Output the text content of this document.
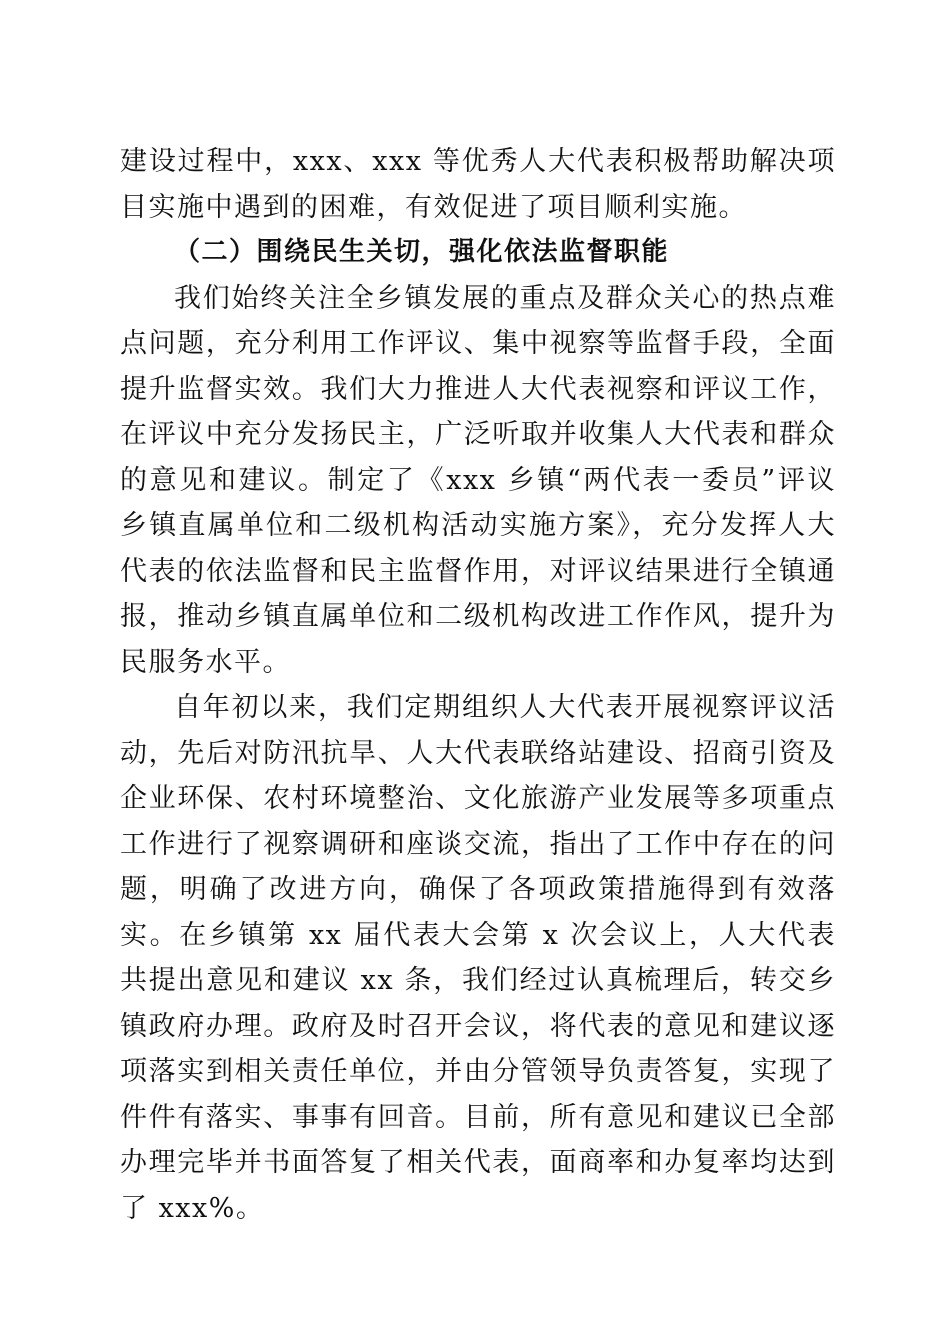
建设过程中，xxx、xxx 等优秀人大代表积极帮助解决项目实施中遇到的困难，有效促进了项目顺利实施。

（二）围绕民生关切，强化依法监督职能

我们始终关注全乡镇发展的重点及群众关心的热点难点问题，充分利用工作评议、集中视察等监督手段，全面提升监督实效。我们大力推进人大代表视察和评议工作，在评议中充分发扬民主，广泛听取并收集人大代表和群众的意见和建议。制定了《xxx 乡镇“两代表一委员”评议乡镇直属单位和二级机构活动实施方案》，充分发挥人大代表的依法监督和民主监督作用，对评议结果进行全镇通报，推动乡镇直属单位和二级机构改进工作作风，提升为民服务水平。

自年初以来，我们定期组织人大代表开展视察评议活动，先后对防汛抗旱、人大代表联络站建设、招商引资及企业环保、农村环境整治、文化旅游产业发展等多项重点工作进行了视察调研和座谈交流，指出了工作中存在的问题，明确了改进方向，确保了各项政策措施得到有效落实。在乡镇第 xx 届代表大会第 x 次会议上，人大代表共提出意见和建议 xx 条，我们经过认真梳理后，转交乡镇政府办理。政府及时召开会议，将代表的意见和建议逐项落实到相关责任单位，并由分管领导负责答复，实现了件件有落实、事事有回音。目前，所有意见和建议已全部办理完毕并书面答复了相关代表，面商率和办复率均达到了 xxx%。
